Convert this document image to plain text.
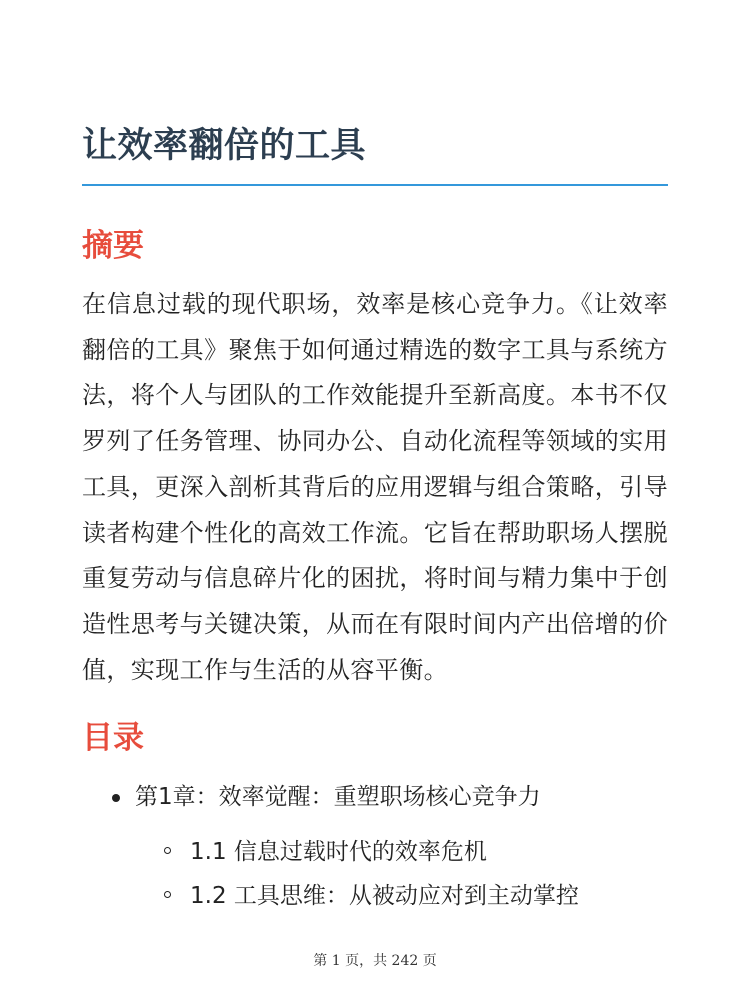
让效率翻倍的工具
摘要

在信息过载的现代职场，效率是核心竞争力。《让效率翻倍的工具》聚焦于如何通过精选的数字工具与系统方法，将个人与团队的工作效能提升至新高度。本书不仅罗列了任务管理、协同办公、自动化流程等领域的实用工具，更深入剖析其背后的应用逻辑与组合策略，引导读者构建个性化的高效工作流。它旨在帮助职场人摆脱重复劳动与信息碎片化的困扰，将时间与精力集中于创造性思考与关键决策，从而在有限时间内产出倍增的价值，实现工作与生活的从容平衡。

目录
第1章：效率觉醒：重塑职场核心竞争力
1.1 信息过载时代的效率危机
1.2 工具思维：从被动应对到主动掌控
第 1 页，共 242 页
